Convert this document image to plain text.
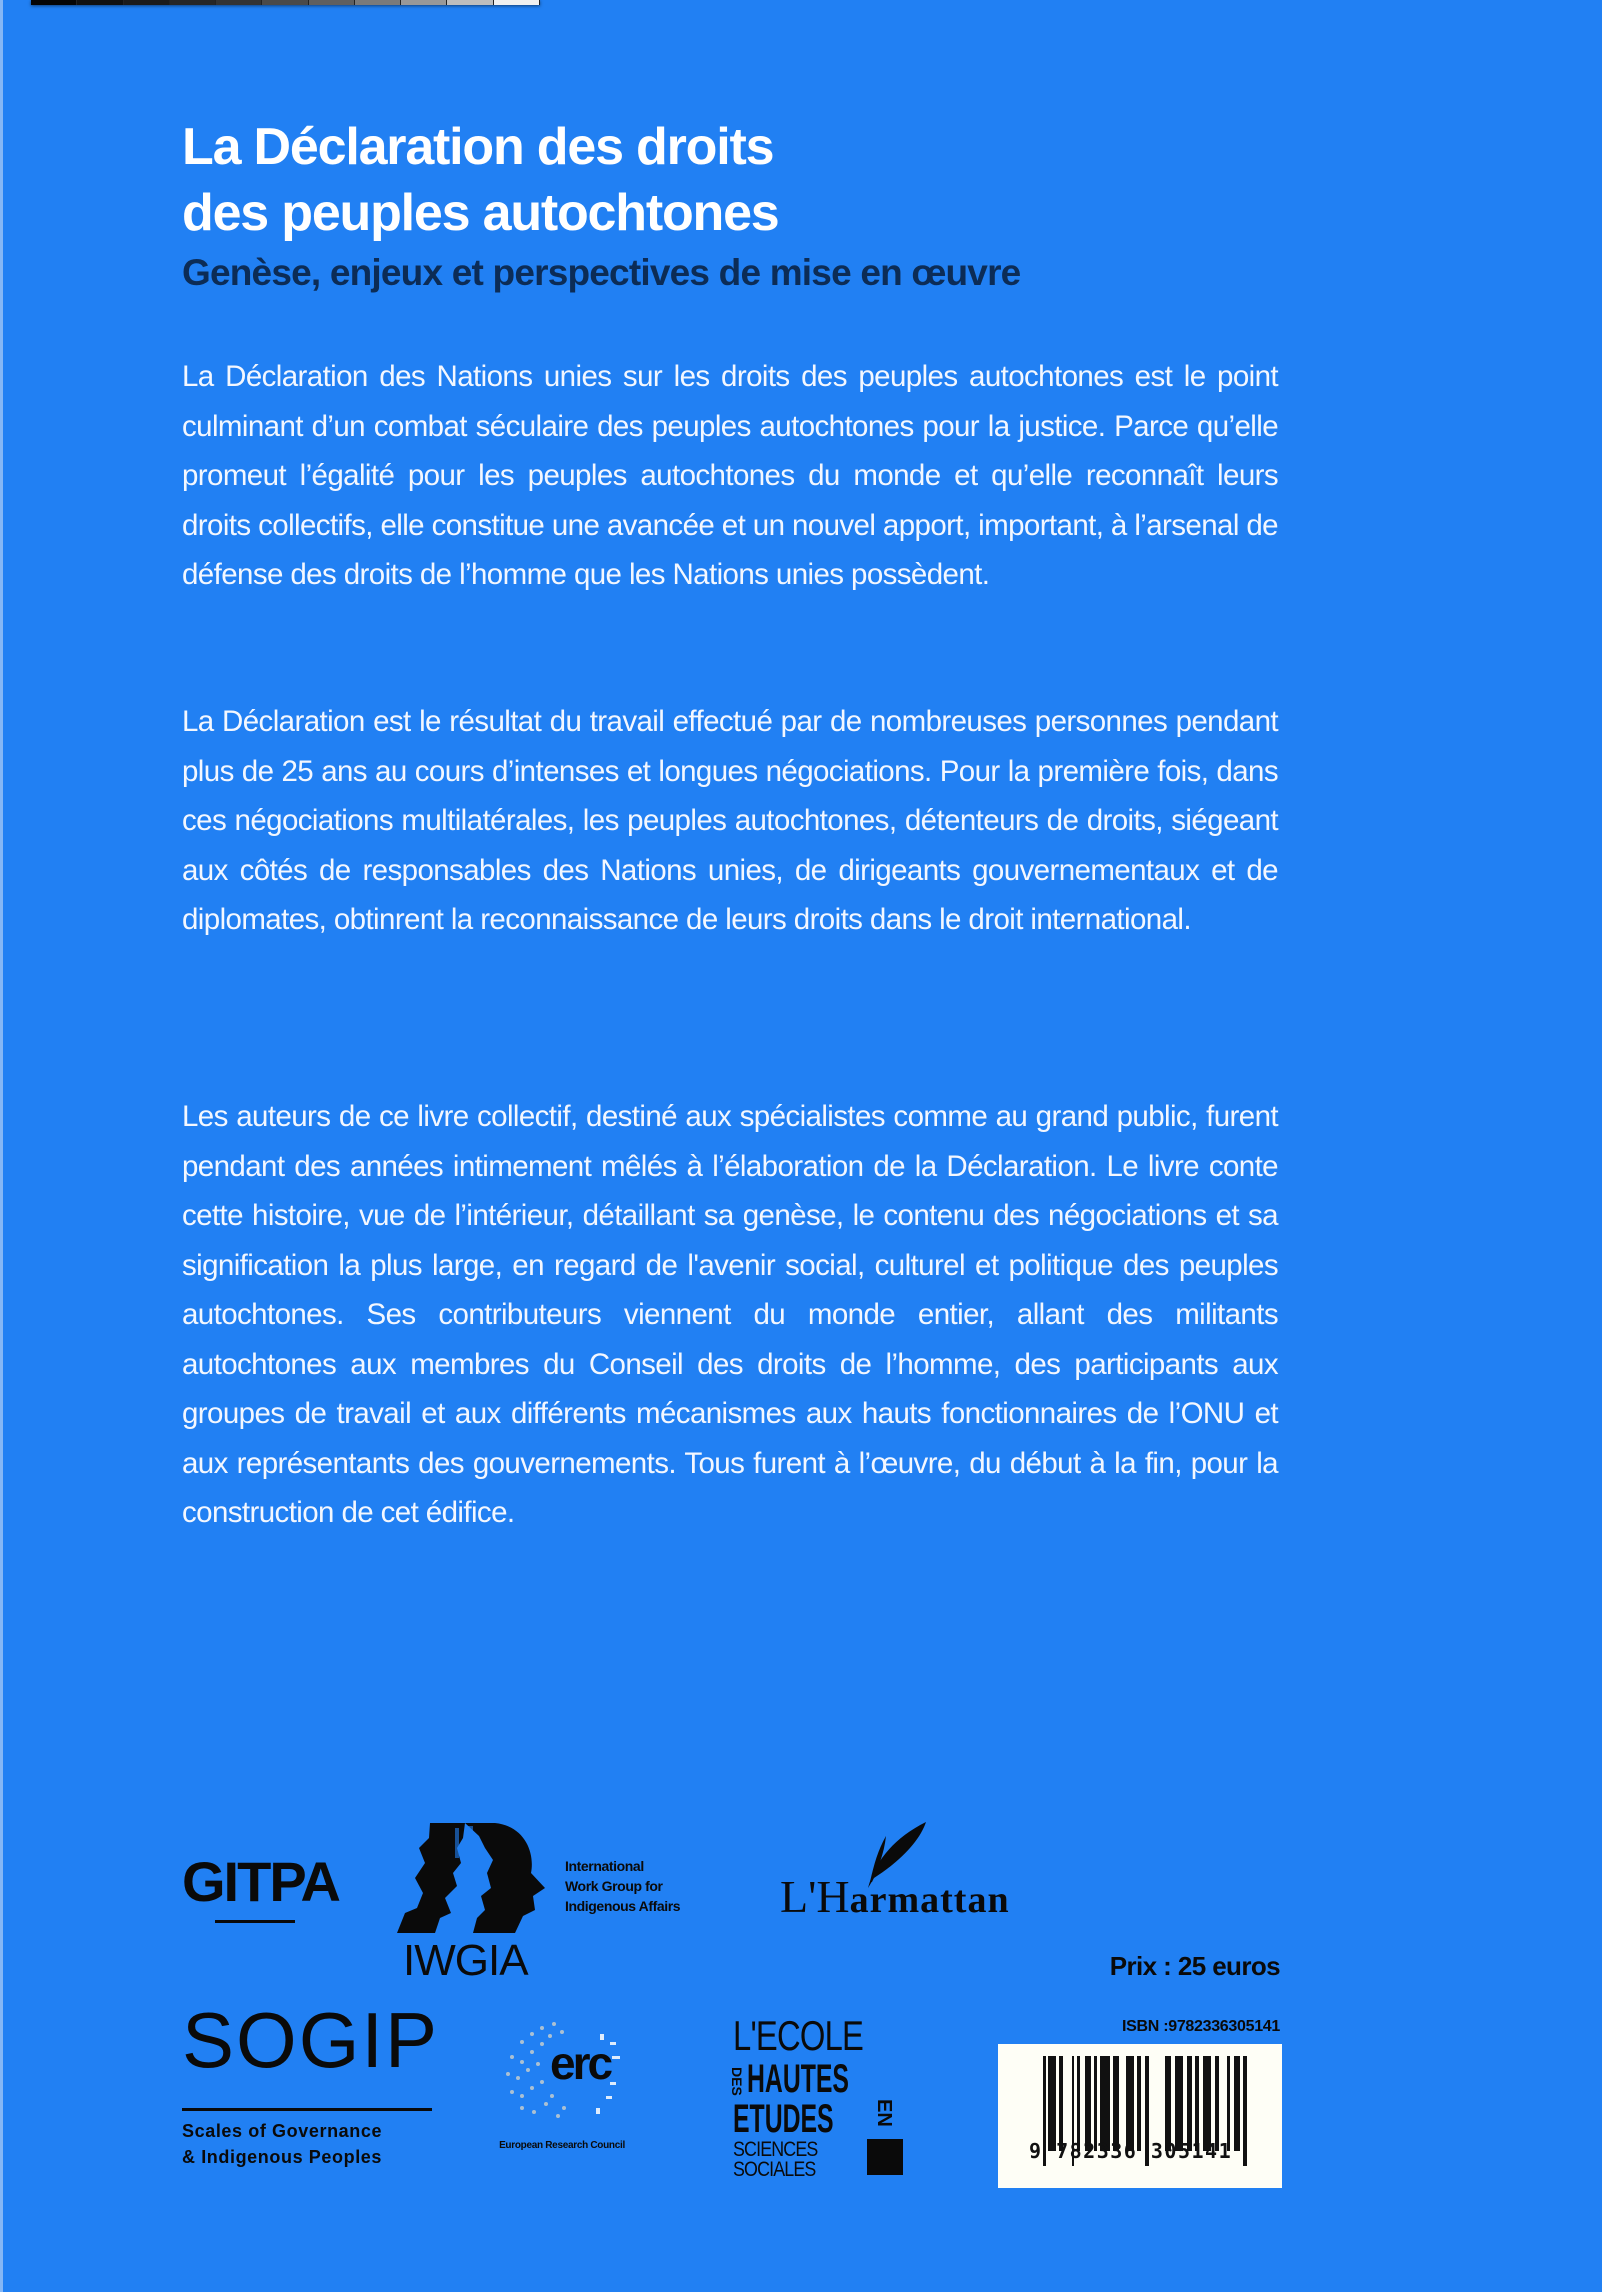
La Déclaration des droits
des peuples autochtones
Genèse, enjeux et perspectives de mise en œuvre

La Déclaration des Nations unies sur les droits des peuples autochtones est le point culminant d’un combat séculaire des peuples autochtones pour la justice. Parce qu’elle promeut l’égalité pour les peuples autochtones du monde et qu’elle reconnaît leurs droits collectifs, elle constitue une avancée et un nouvel apport, important, à l’arsenal de défense des droits de l’homme que les Nations unies possèdent.

La Déclaration est le résultat du travail effectué par de nombreuses personnes pendant plus de 25 ans au cours d’intenses et longues négociations. Pour la première fois, dans ces négociations multilatérales, les peuples autochtones, détenteurs de droits, siégeant aux côtés de responsables des Nations unies, de dirigeants gouvernementaux et de diplomates, obtinrent la reconnaissance de leurs droits dans le droit international.

Les auteurs de ce livre collectif, destiné aux spécialistes comme au grand public, furent pendant des années intimement mêlés à l’élaboration de la Déclaration. Le livre conte cette histoire, vue de l’intérieur, détaillant sa genèse, le contenu des négociations et sa signification la plus large, en regard de l'avenir social, culturel et politique des peuples autochtones. Ses contributeurs viennent du monde entier, allant des militants autochtones aux membres du Conseil des droits de l’homme, des participants aux groupes de travail et aux différents mécanismes aux hauts fonctionnaires de l’ONU et aux représentants des gouvernements. Tous furent à l’œuvre, du début à la fin, pour la construction de cet édifice.

GITPA
IWGIA
International
Work Group for
Indigenous Affairs	L'Harmattan
Prix : 25 euros
SOGIP
Scales of Governance
& Indigenous Peoples
erc
European Research Council
L'ECOLE
DES HAUTES
ETUDES EN
SCIENCES
SOCIALES
ISBN :9782336305141
9 782336 305141
